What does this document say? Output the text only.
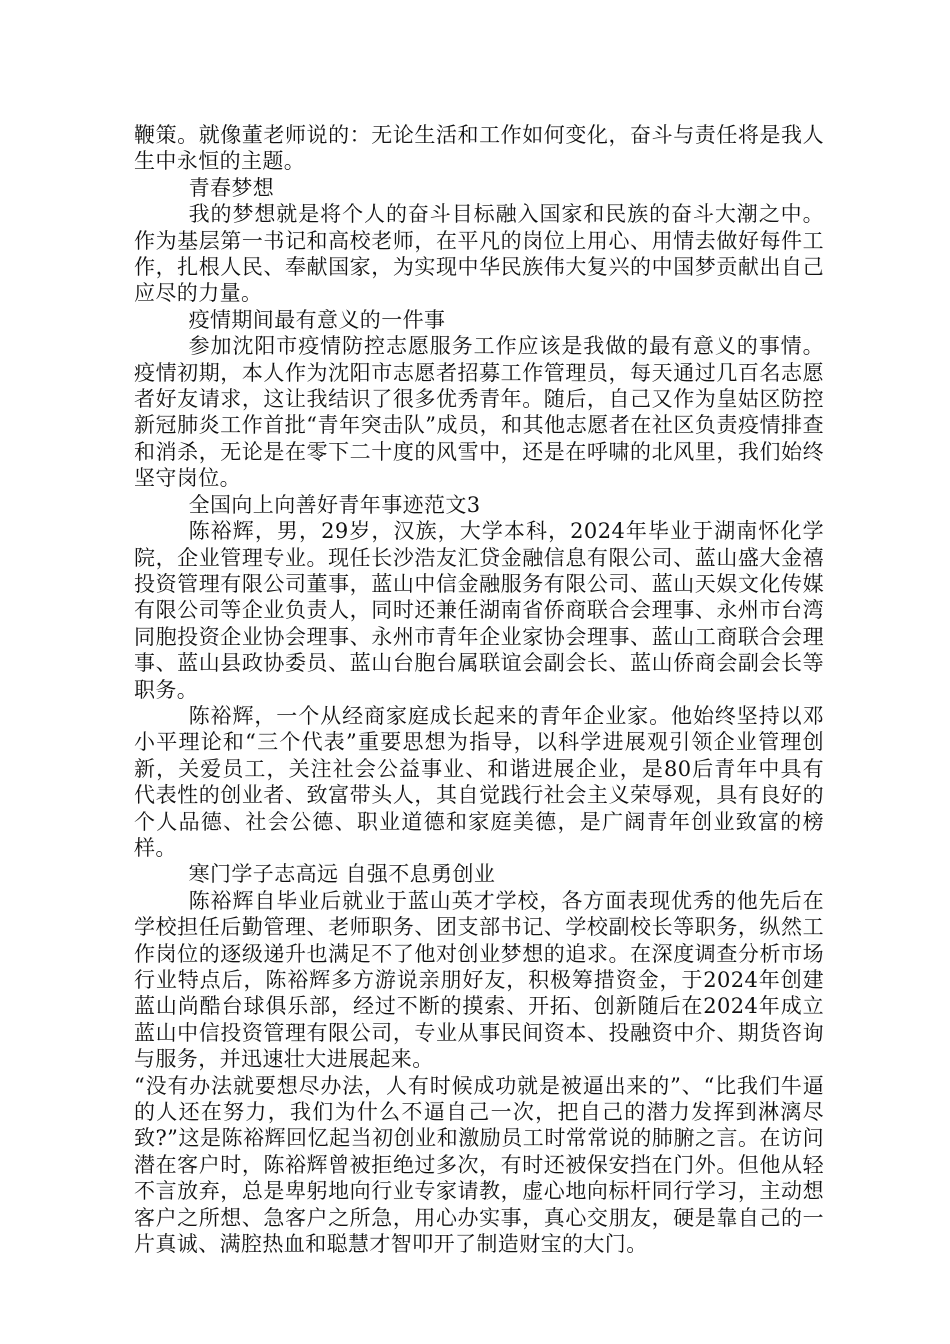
鞭策。就像董老师说的：无论生活和工作如何变化，奋斗与责任将是我人生中永恒的主题。

青春梦想

我的梦想就是将个人的奋斗目标融入国家和民族的奋斗大潮之中。作为基层第一书记和高校老师，在平凡的岗位上用心、用情去做好每件工作，扎根人民、奉献国家，为实现中华民族伟大复兴的中国梦贡献出自己应尽的力量。

疫情期间最有意义的一件事

参加沈阳市疫情防控志愿服务工作应该是我做的最有意义的事情。疫情初期，本人作为沈阳市志愿者招募工作管理员，每天通过几百名志愿者好友请求，这让我结识了很多优秀青年。随后，自己又作为皇姑区防控新冠肺炎工作首批“青年突击队”成员，和其他志愿者在社区负责疫情排查和消杀，无论是在零下二十度的风雪中，还是在呼啸的北风里，我们始终坚守岗位。

全国向上向善好青年事迹范文3

陈裕辉，男，29岁，汉族，大学本科，2024年毕业于湖南怀化学院，企业管理专业。现任长沙浩友汇贷金融信息有限公司、蓝山盛大金禧投资管理有限公司董事，蓝山中信金融服务有限公司、蓝山天娱文化传媒有限公司等企业负责人，同时还兼任湖南省侨商联合会理事、永州市台湾同胞投资企业协会理事、永州市青年企业家协会理事、蓝山工商联合会理事、蓝山县政协委员、蓝山台胞台属联谊会副会长、蓝山侨商会副会长等职务。

陈裕辉，一个从经商家庭成长起来的青年企业家。他始终坚持以邓小平理论和“三个代表”重要思想为指导，以科学进展观引领企业管理创新，关爱员工，关注社会公益事业、和谐进展企业，是80后青年中具有代表性的创业者、致富带头人，其自觉践行社会主义荣辱观，具有良好的个人品德、社会公德、职业道德和家庭美德，是广阔青年创业致富的榜样。

寒门学子志高远 自强不息勇创业

陈裕辉自毕业后就业于蓝山英才学校，各方面表现优秀的他先后在学校担任后勤管理、老师职务、团支部书记、学校副校长等职务，纵然工作岗位的逐级递升也满足不了他对创业梦想的追求。在深度调查分析市场行业特点后，陈裕辉多方游说亲朋好友，积极筹措资金，于2024年创建蓝山尚酷台球俱乐部，经过不断的摸索、开拓、创新随后在2024年成立蓝山中信投资管理有限公司，专业从事民间资本、投融资中介、期货咨询与服务，并迅速壮大进展起来。

“没有办法就要想尽办法，人有时候成功就是被逼出来的”、“比我们牛逼的人还在努力，我们为什么不逼自己一次，把自己的潜力发挥到淋漓尽致?”这是陈裕辉回忆起当初创业和激励员工时常常说的肺腑之言。在访问潜在客户时，陈裕辉曾被拒绝过多次，有时还被保安挡在门外。但他从轻不言放弃，总是卑躬地向行业专家请教，虚心地向标杆同行学习，主动想客户之所想、急客户之所急，用心办实事，真心交朋友，硬是靠自己的一片真诚、满腔热血和聪慧才智叩开了制造财宝的大门。
